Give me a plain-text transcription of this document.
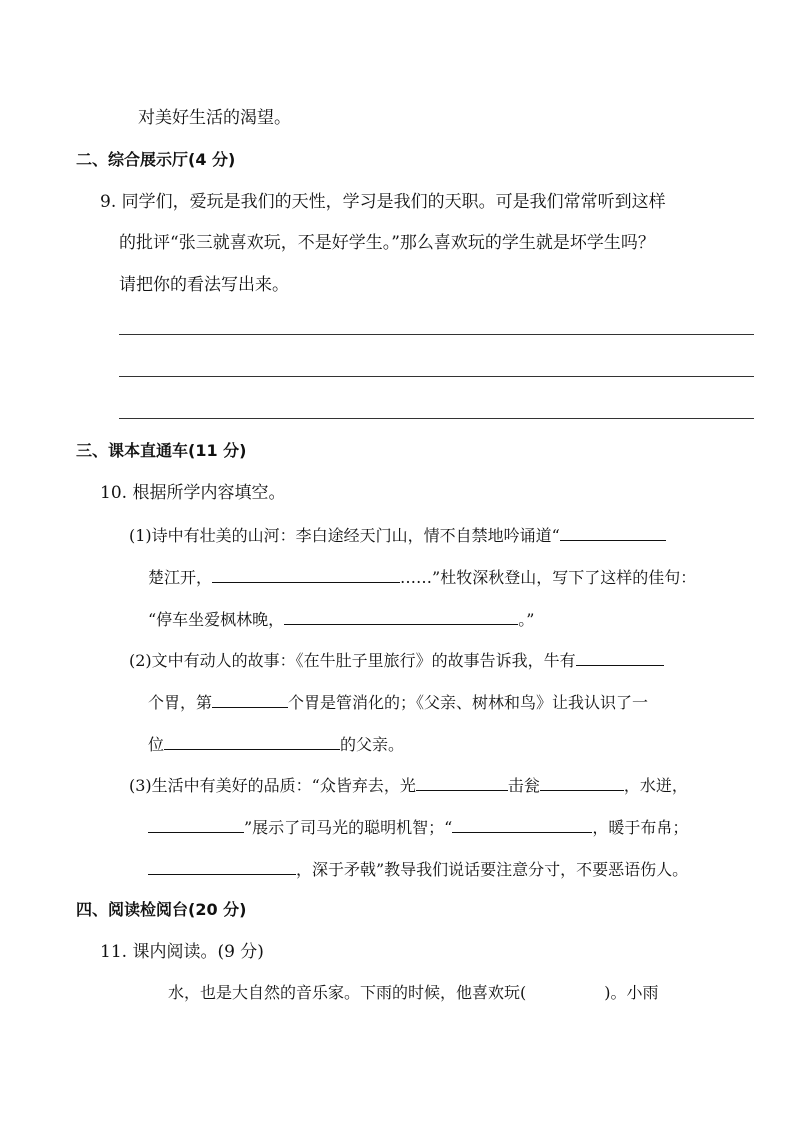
对美好生活的渴望。
二、综合展示厅(4 分)
9. 同学们，爱玩是我们的天性，学习是我们的天职。可是我们常常听到这样
的批评“张三就喜欢玩，不是好学生。”那么喜欢玩的学生就是坏学生吗？
请把你的看法写出来。
三、课本直通车(11 分)
10. 根据所学内容填空。
(1)诗中有壮美的山河：李白途经天门山，情不自禁地吟诵道“
楚江开，	……”杜牧深秋登山，写下了这样的佳句：
“停车坐爱枫林晚，	。”
(2)文中有动人的故事：《在牛肚子里旅行》的故事告诉我，牛有
个胃，第	个胃是管消化的；《父亲、树林和鸟》让我认识了一
位	的父亲。
(3)生活中有美好的品质：“众皆弃去，光	击瓮	，水迸，
”展示了司马光的聪明机智；“	，暖于布帛；
，深于矛戟”教导我们说话要注意分寸，不要恶语伤人。
四、阅读检阅台(20 分)
11. 课内阅读。(9 分)
水，也是大自然的音乐家。下雨的时候，他喜欢玩(	)。小雨
